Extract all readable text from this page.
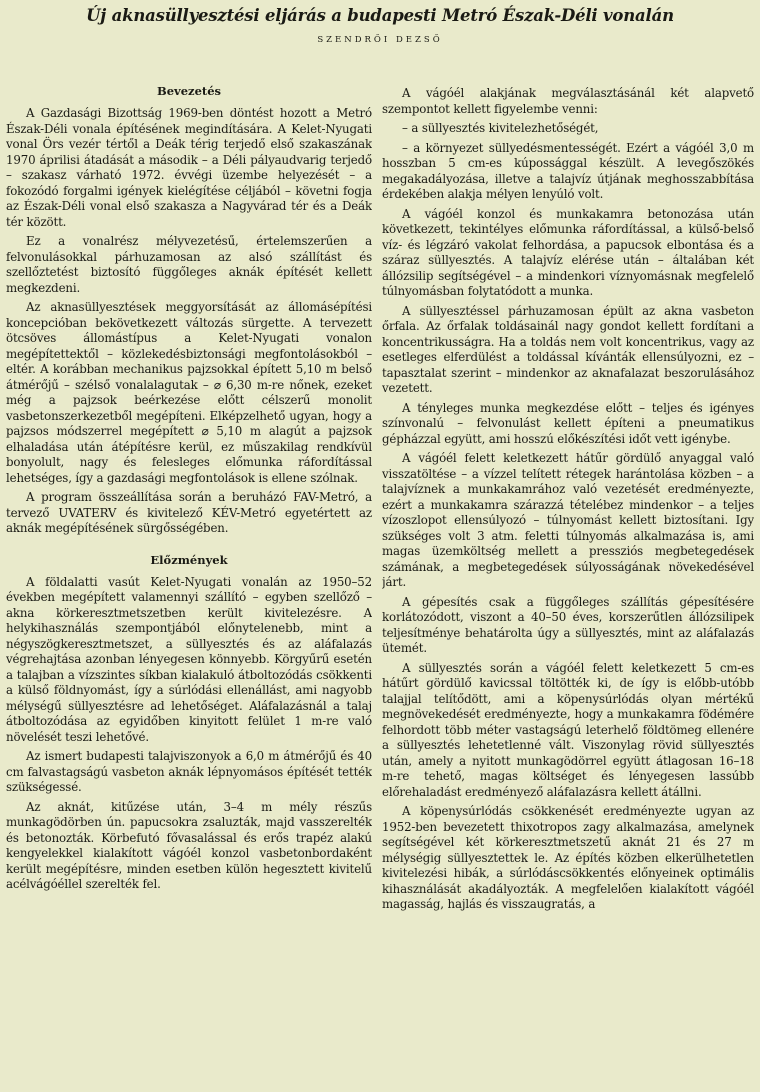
Új aknasüllyesztési eljárás a budapesti Metró Észak-Déli vonalán
SZENDRŐI DEZSŐ
Bevezetés

A Gazdasági Bizottság 1969-ben döntést hozott a Metró Észak-Déli vonala építésének megindítására. A Kelet-Nyugati vonal Örs vezér tértől a Deák térig terjedő első szakaszának 1970 áprilisi átadását a második – a Déli pályaudvarig terjedő – szakasz várható 1972. évvégi üzembe helyezését – a fokozódó forgalmi igények kielégítése céljából – követni fogja az Észak-Déli vonal első szakasza a Nagyvárad tér és a Deák tér között.

Ez a vonalrész mélyvezetésű, értelemszerűen a felvonulásokkal párhuzamosan az alsó szállítást és szellőztetést biztosító függőleges aknák építését kellett megkezdeni.

Az aknasüllyesztések meggyorsítását az állomásépítési koncepcióban bekövetkezett változás sürgette. A tervezett ötcsöves állomástípus a Kelet-Nyugati vonalon megépítettektől – közlekedésbiztonsági megfontolásokból – eltér. A korábban mechanikus pajzsokkal épített 5,10 m belső átmérőjű – szélső vonalalagutak – ⌀ 6,30 m-re nőnek, ezeket még a pajzsok beérkezése előtt célszerű monolit vasbetonszerkezetből megépíteni. Elképzelhető ugyan, hogy a pajzsos módszerrel megépített ⌀ 5,10 m alagút a pajzsok elhaladása után átépítésre kerül, ez műszakilag rendkívül bonyolult, nagy és felesleges előmunka ráfordítással lehetséges, így a gazdasági megfontolások is ellene szólnak.

A program összeállítása során a beruházó FAV-Metró, a tervező UVATERV és kivitelező KÉV-Metró egyetértett az aknák megépítésének sürgősségében.

Előzmények

A földalatti vasút Kelet-Nyugati vonalán az 1950–52 években megépített valamennyi szállító – egyben szellőző – akna körkeresztmetszetben került kivitelezésre. A helykihasználás szempontjából előnytelenebb, mint a négyszögkeresztmetszet, a süllyesztés és az aláfalazás végrehajtása azonban lényegesen könnyebb. Körgyűrű esetén a talajban a vízszintes síkban kialakuló átboltozódás csökkenti a külső földnyomást, így a súrlódási ellenállást, ami nagyobb mélységű süllyesztésre ad lehetőséget. Aláfalazásnál a talaj átboltozódása az egyidőben kinyitott felület 1 m-re való növelését teszi lehetővé.

Az ismert budapesti talajviszonyok a 6,0 m átmérőjű és 40 cm falvastagságú vasbeton aknák lépnyomásos építését tették szükségessé.

Az aknát, kitűzése után, 3–4 m mély részűs munkagödörben ún. papucsokra zsaluzták, majd vasszerelték és betonozták. Körbefutó fővasalással és erős trapéz alakú kengyelekkel kialakított vágóél konzol vasbetonbordaként került megépítésre, minden esetben külön hegesztett kivitelű acélvágóéllel szerelték fel.

A vágóél alakjának megválasztásánál két alapvető szempontot kellett figyelembe venni:

– a süllyesztés kivitelezhetőségét,

– a környezet süllyedésmentességét. Ezért a vágóél 3,0 m hosszban 5 cm-es kúpossággal készült. A levegőszökés megakadályozása, illetve a talajvíz útjának meghosszabbítása érdekében alakja mélyen lenyúló volt.

A vágóél konzol és munkakamra betonozása után következett, tekintélyes előmunka ráfordítással, a külső-belső víz- és légzáró vakolat felhordása, a papucsok elbontása és a száraz süllyesztés. A talajvíz elérése után – általában két állózsilip segítségével – a mindenkori víznyomásnak megfelelő túlnyomásban folytatódott a munka.

A süllyesztéssel párhuzamosan épült az akna vasbeton őrfala. Az őrfalak toldásainál nagy gondot kellett fordítani a koncentrikusságra. Ha a toldás nem volt koncentrikus, vagy az esetleges elferdülést a toldással kívánták ellensúlyozni, ez – tapasztalat szerint – mindenkor az aknafalazat beszorulásához vezetett.

A tényleges munka megkezdése előtt – teljes és igényes színvonalú – felvonulást kellett építeni a pneumatikus gépházzal együtt, ami hosszú előkészítési időt vett igénybe.

A vágóél felett keletkezett hátűr gördülő anyaggal való visszatöltése – a vízzel telített rétegek harántolása közben – a talajvíznek a munkakamrához való vezetését eredményezte, ezért a munkakamra szárazzá tételébez mindenkor – a teljes vízoszlopot ellensúlyozó – túlnyomást kellett biztosítani. Igy szükséges volt 3 atm. feletti túlnyomás alkalmazása is, ami magas üzemköltség mellett a pressziós megbetegedések számának, a megbetegedések súlyosságának növekedésével járt.

A gépesítés csak a függőleges szállítás gépesítésére korlátozódott, viszont a 40–50 éves, korszerűtlen állózsilipek teljesítménye behatárolta úgy a süllyesztés, mint az aláfalazás ütemét.

A süllyesztés során a vágóél felett keletkezett 5 cm-es hátűrt gördülő kavicssal töltötték ki, de így is előbb-utóbb talajjal telítődött, ami a köpenysúrlódás olyan mértékű megnövekedését eredményezte, hogy a munkakamra födémére felhordott több méter vastagságú leterhelő földtömeg ellenére a süllyesztés lehetetlenné vált. Viszonylag rövid süllyesztés után, amely a nyitott munkagödörrel együtt átlagosan 16–18 m-re tehető, magas költséget és lényegesen lassúbb előrehaladást eredményező aláfalazásra kellett átállni.

A köpenysúrlódás csökkenését eredményezte ugyan az 1952-ben bevezetett thixotropos zagy alkalmazása, amelynek segítségével két körkeresztmetszetű aknát 21 és 27 m mélységig süllyesztettek le. Az építés közben elkerülhetetlen kivitelezési hibák, a súrlódáscsökkentés előnyeinek optimális kihasználását akadályozták. A megfelelően kialakított vágóél magasság, hajlás és visszaugratás, a
